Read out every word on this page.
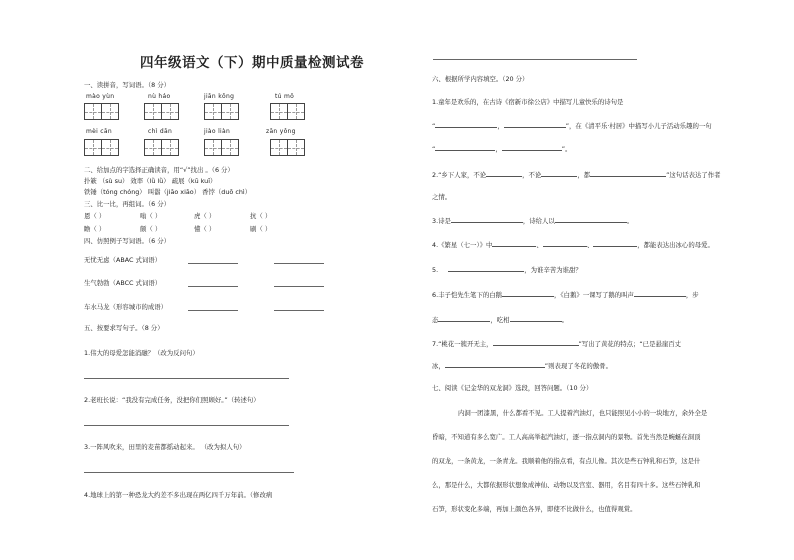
四年级语文（下）期中质量检测试卷
一、读拼音，写词语。（8 分）
mào yùn	nù háo	jiān kōng	tú mǒ
mèi cān	chì dān	jiào liàn	zān yǒng
二、给加点的字选择正确读音，用“√”找出 。（6 分）
扑簌 （sù su） 效率（lǜ lǜ） 疏展（kū kuī）
铁锤（tóng chóng） 叫嚣（jiāo xiāo） 香饽（duō chì）
三、比一比，再组词。（6 分）
恩（ ）	嗡（ ）	虎（ ）	抗（ ）
瞻（ ）	颇（ ）	懂（ ）	刷（ ）
四、仿照例子写词语。（6 分）
无忧无虑（ABAC 式词语）
生气勃勃（ABCC 式词语）
车水马龙（形容城市的成语）
五、按要求写句子。（8 分）
1.伟大的母爱怎能消融？（改为反问句）
2.老班长说：“我没有完成任务，没把你们照顾好。”（转述句）
3.一阵风吹来，田里的麦苗都摇动起来。 （改为拟人句）
4.地球上的第一种恐龙大约差不多出现在两亿四千万年前。（修改病
六、根据所学内容填空。（20 分）
1.童年是欢乐的，在古诗《宿新市徐公店》中描写儿童快乐的诗句是
“	，	”，在《清平乐·村居》中描写小儿子活动乐趣的一句
“	，	”。
2.“乡下人家，不论	，不论	，都	”这句话表达了作者
之情。
3.诗是	，诗给人以	。
4.《繁星（七一）》中	、	、	，都能表达出冰心的母爱。
5.	，为谁辛苦为谁甜？
6.丰子恺先生笔下的白鹅	，《白鹅》一课写了鹅的叫声	，步
态	，吃相	。
7.“桃花一簇开无主，	”写出了黄花的特点；“已是悬崖百丈
冰，	”则表现了冬花的傲骨。
七、阅读《记金华的双龙洞》选段，回答问题。（10 分）
内洞一团漆黑，什么都看不见。工人提着汽油灯，也只能照见小小的一块地方，余外全是
昏暗，不知道有多么宽广。工人高高举起汽油灯，逐一指点洞内的景物。首先当然是蜿蜒在洞顶
的双龙，一条黄龙，一条青龙。我顺着他的指点看，有点儿像。其次是些石钟乳和石笋，这是什
么，那是什么，大都依据形状想象成神仙、动物以及宫室、器用，名目有四十多。这些石钟乳和
石笋，形状变化多端，再加上颜色各异，即使不比做什么，也值得观赏。
